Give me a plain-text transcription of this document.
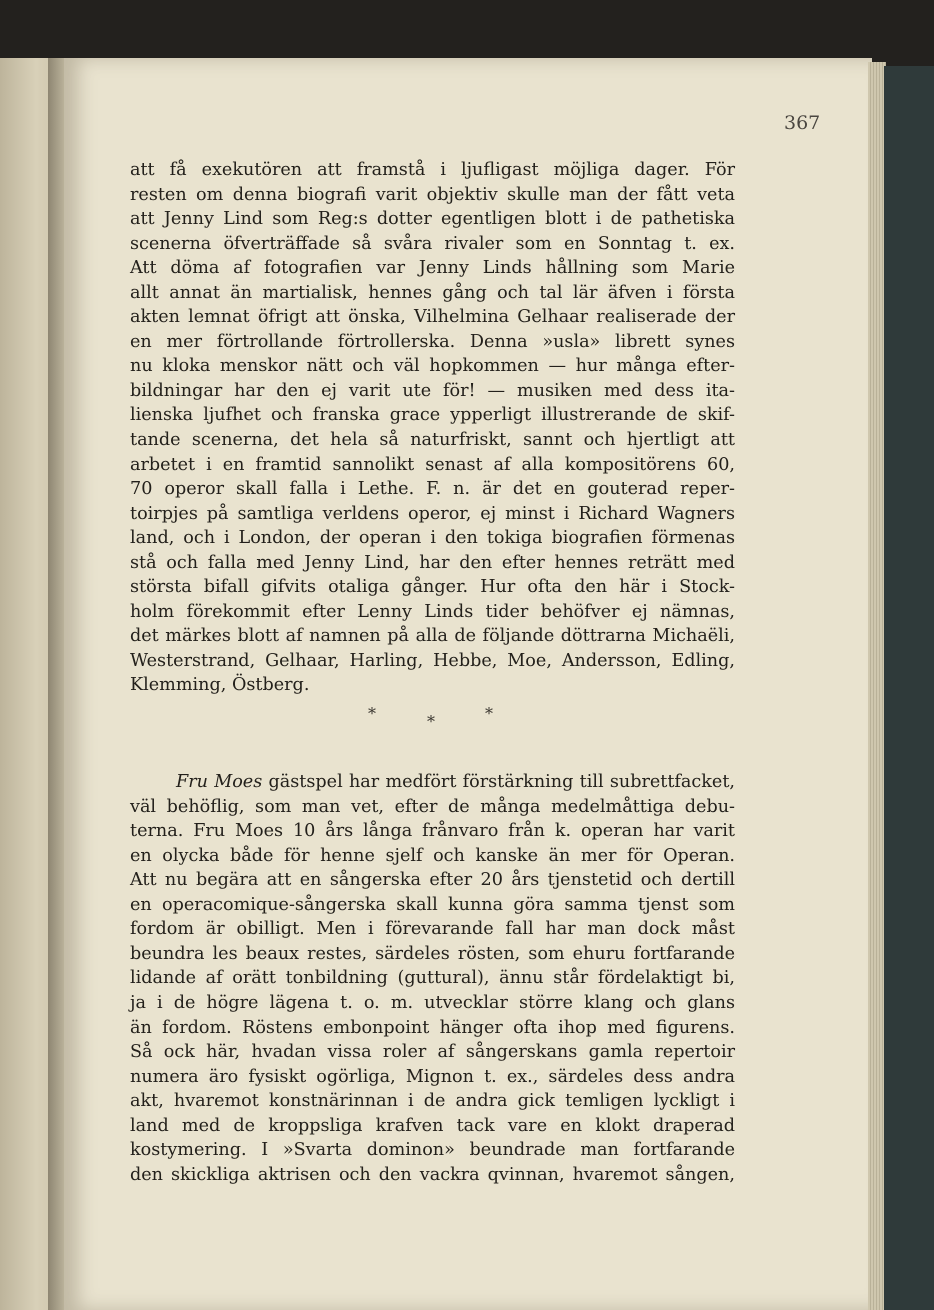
367
att få exekutören att framstå i ljufligast möjliga dager. För
resten om denna biografi varit objektiv skulle man der fått veta
att Jenny Lind som Reg:s dotter egentligen blott i de pathetiska
scenerna öfverträffade så svåra rivaler som en Sonntag t. ex.
Att döma af fotografien var Jenny Linds hållning som Marie
allt annat än martialisk, hennes gång och tal lär äfven i första
akten lemnat öfrigt att önska, Vilhelmina Gelhaar realiserade der
en mer förtrollande förtrollerska. Denna »usla» librett synes
nu kloka menskor nätt och väl hopkommen — hur många efter-
bildningar har den ej varit ute för! — musiken med dess ita-
lienska ljufhet och franska grace ypperligt illustrerande de skif-
tande scenerna, det hela så naturfriskt, sannt och hjertligt att
arbetet i en framtid sannolikt senast af alla kompositörens 60,
70 operor skall falla i Lethe. F. n. är det en gouterad reper-
toirpjes på samtliga verldens operor, ej minst i Richard Wagners
land, och i London, der operan i den tokiga biografien förmenas
stå och falla med Jenny Lind, har den efter hennes reträtt med
största bifall gifvits otaliga gånger. Hur ofta den här i Stock-
holm förekommit efter Lenny Linds tider behöfver ej nämnas,
det märkes blott af namnen på alla de följande döttrarna Michaëli,
Westerstrand, Gelhaar, Harling, Hebbe, Moe, Andersson, Edling,
Klemming, Östberg.
*	*	*
Fru Moes gästspel har medfört förstärkning till subrettfacket,
väl behöflig, som man vet, efter de många medelmåttiga debu-
terna. Fru Moes 10 års långa frånvaro från k. operan har varit
en olycka både för henne sjelf och kanske än mer för Operan.
Att nu begära att en sångerska efter 20 års tjenstetid och dertill
en operacomique-sångerska skall kunna göra samma tjenst som
fordom är obilligt. Men i förevarande fall har man dock måst
beundra les beaux restes, särdeles rösten, som ehuru fortfarande
lidande af orätt tonbildning (guttural), ännu står fördelaktigt bi,
ja i de högre lägena t. o. m. utvecklar större klang och glans
än fordom. Röstens embonpoint hänger ofta ihop med figurens.
Så ock här, hvadan vissa roler af sångerskans gamla repertoir
numera äro fysiskt ogörliga, Mignon t. ex., särdeles dess andra
akt, hvaremot konstnärinnan i de andra gick temligen lyckligt i
land med de kroppsliga krafven tack vare en klokt draperad
kostymering. I »Svarta dominon» beundrade man fortfarande
den skickliga aktrisen och den vackra qvinnan, hvaremot sången,
